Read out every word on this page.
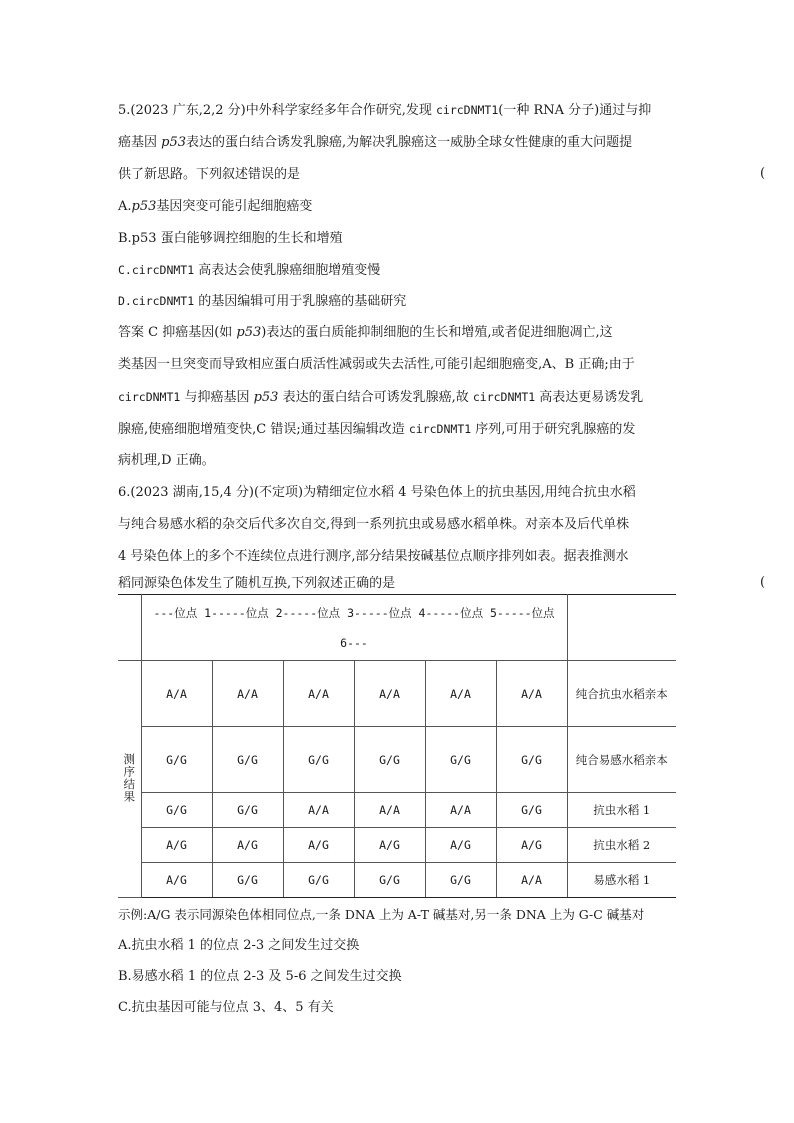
5.(2023 广东,2,2 分)中外科学家经多年合作研究,发现 circDNMT1(一种 RNA 分子)通过与抑
癌基因 p53表达的蛋白结合诱发乳腺癌,为解决乳腺癌这一威胁全球女性健康的重大问题提
供了新思路。下列叙述错误的是	(
A.p53基因突变可能引起细胞癌变
B.p53 蛋白能够调控细胞的生长和增殖
C.circDNMT1 高表达会使乳腺癌细胞增殖变慢
D.circDNMT1 的基因编辑可用于乳腺癌的基础研究
答案 C 抑癌基因(如 p53)表达的蛋白质能抑制细胞的生长和增殖,或者促进细胞凋亡,这
类基因一旦突变而导致相应蛋白质活性减弱或失去活性,可能引起细胞癌变,A、B 正确;由于
circDNMT1 与抑癌基因 p53 表达的蛋白结合可诱发乳腺癌,故 circDNMT1 高表达更易诱发乳
腺癌,使癌细胞增殖变快,C 错误;通过基因编辑改造 circDNMT1 序列,可用于研究乳腺癌的发
病机理,D 正确。
6.(2023 湖南,15,4 分)(不定项)为精细定位水稻 4 号染色体上的抗虫基因,用纯合抗虫水稻
与纯合易感水稻的杂交后代多次自交,得到一系列抗虫或易感水稻单株。对亲本及后代单株
4 号染色体上的多个不连续位点进行测序,部分结果按碱基位点顺序排列如表。据表推测水
稻同源染色体发生了随机互换,下列叙述正确的是	(

	---位点 1-----位点 2-----位点 3-----位点 4-----位点 5-----位点
6---						

测序结果	A/A	A/A	A/A	A/A	A/A	A/A	纯合抗虫水稻亲本
	G/G	G/G	G/G	G/G	G/G	G/G	纯合易感水稻亲本
	G/G	G/G	A/A	A/A	A/A	G/G	抗虫水稻 1
	A/G	A/G	A/G	A/G	A/G	A/G	抗虫水稻 2
	A/G	G/G	G/G	G/G	G/G	A/A	易感水稻 1
示例:A/G 表示同源染色体相同位点,一条 DNA 上为 A-T 碱基对,另一条 DNA 上为 G-C 碱基对
A.抗虫水稻 1 的位点 2-3 之间发生过交换
B.易感水稻 1 的位点 2-3 及 5-6 之间发生过交换
C.抗虫基因可能与位点 3、4、5 有关
